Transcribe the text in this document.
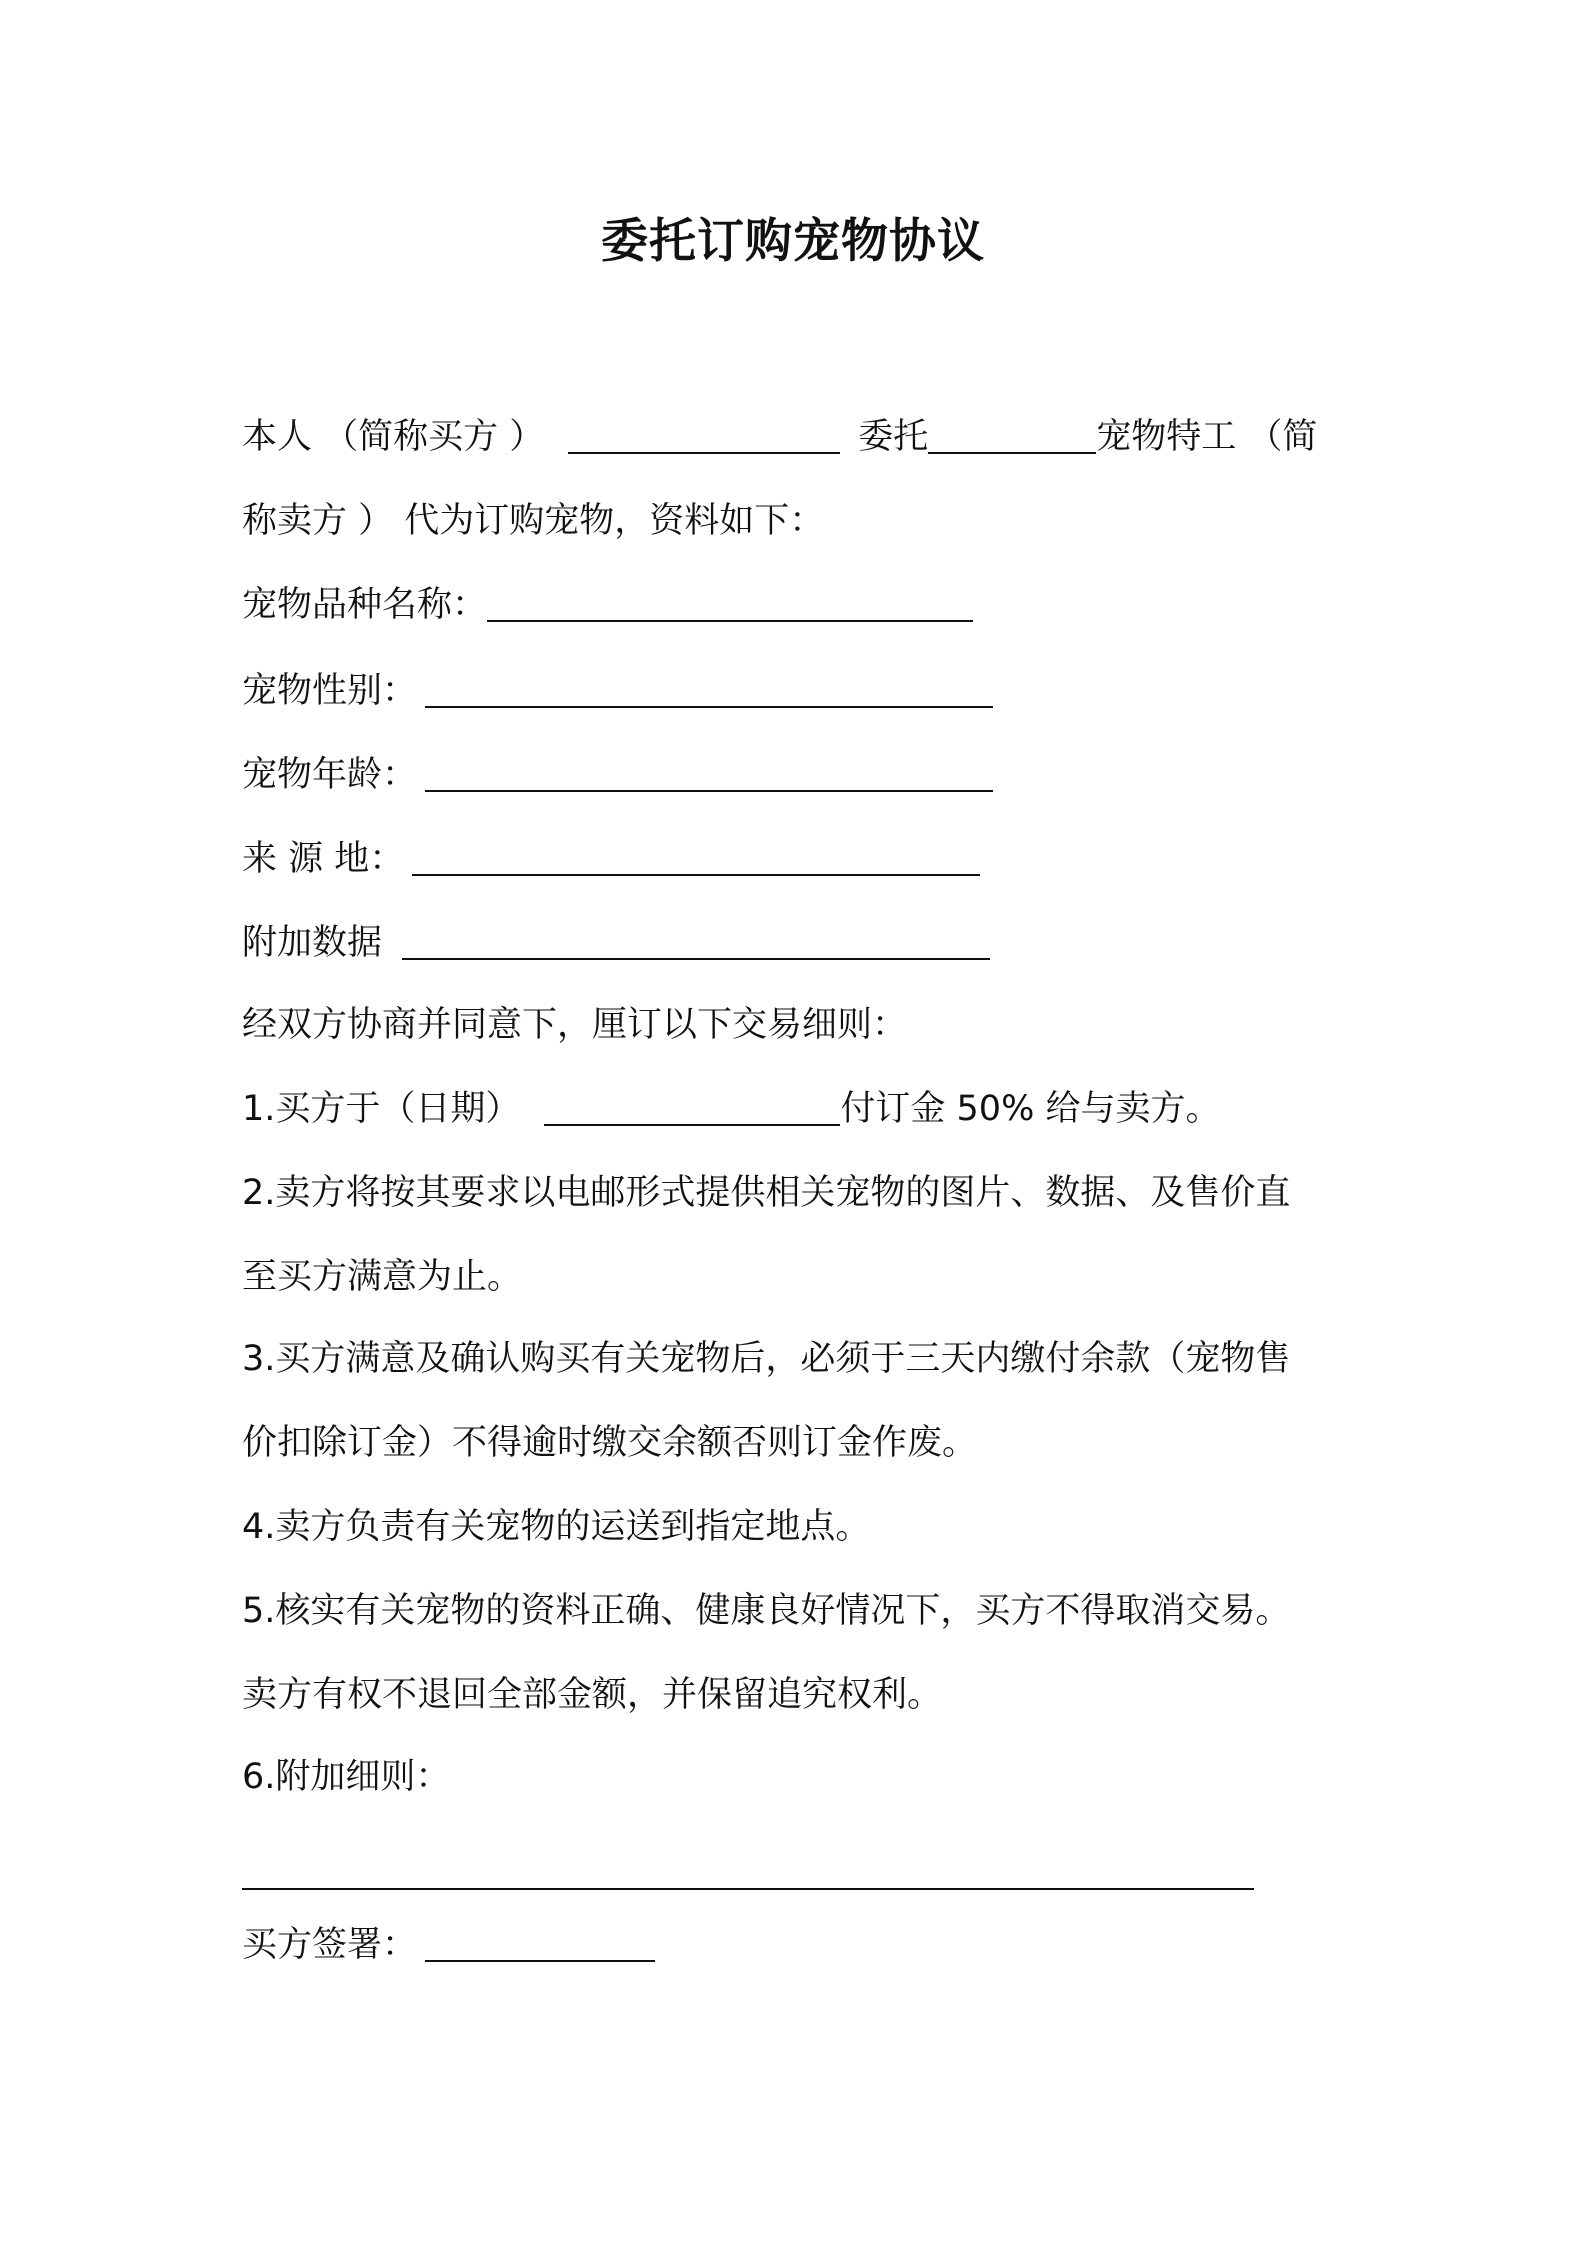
委托订购宠物协议
本人 （简称买方 ）	委托	宠物特工 （简
称卖方 ） 代为订购宠物，资料如下：
宠物品种名称：
宠物性别：
宠物年龄：
来 源 地：
附加数据
经双方协商并同意下，厘订以下交易细则：
1.买方于（日期）	付订金 50% 给与卖方。
2.卖方将按其要求以电邮形式提供相关宠物的图片、数据、及售价直
至买方满意为止。
3.买方满意及确认购买有关宠物后，必须于三天内缴付余款（宠物售
价扣除订金）不得逾时缴交余额否则订金作废。
4.卖方负责有关宠物的运送到指定地点。
5.核实有关宠物的资料正确、健康良好情况下，买方不得取消交易。
卖方有权不退回全部金额，并保留追究权利。
6.附加细则：
买方签署：
